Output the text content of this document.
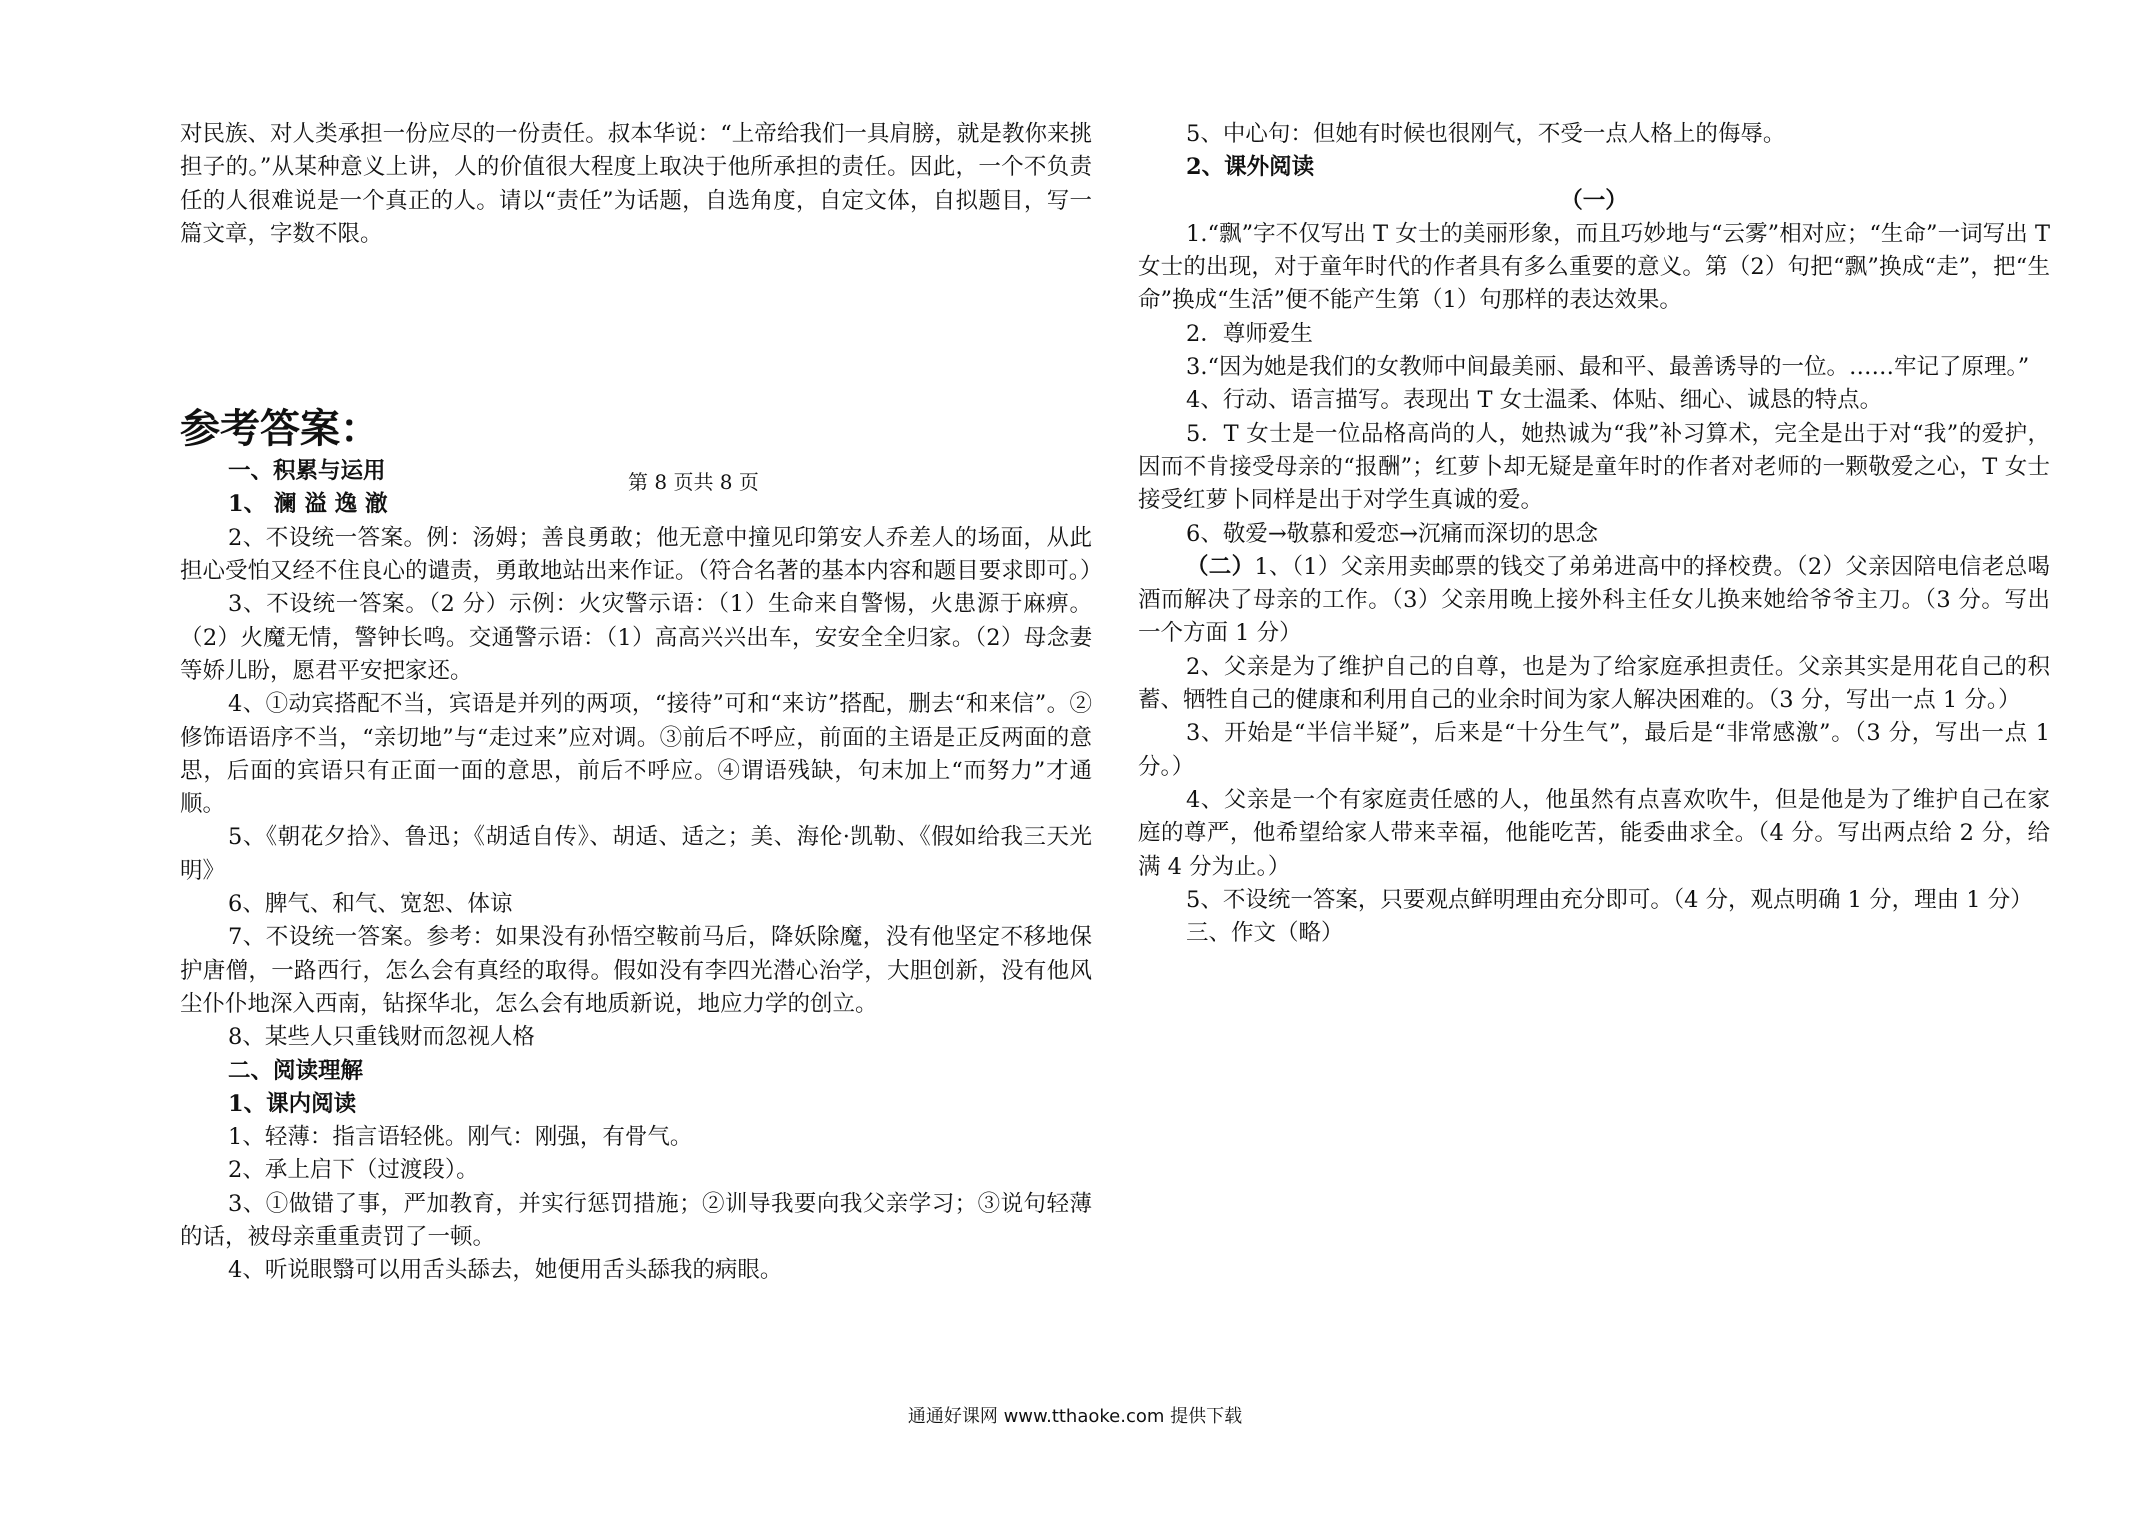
对民族、对人类承担一份应尽的一份责任。叔本华说：“上帝给我们一具肩膀，就是教你来挑担子的。”从某种意义上讲，人的价值很大程度上取决于他所承担的责任。因此，一个不负责任的人很难说是一个真正的人。请以“责任”为话题，自选角度，自定文体，自拟题目，写一篇文章，字数不限。

参考答案：

一、积累与运用

1、 澜 溢 逸 澈

2、不设统一答案。例：汤姆；善良勇敢；他无意中撞见印第安人乔差人的场面，从此担心受怕又经不住良心的谴责，勇敢地站出来作证。（符合名著的基本内容和题目要求即可。）

3、不设统一答案。（2 分）示例：火灾警示语：（1）生命来自警惕，火患源于麻痹。（2）火魔无情，警钟长鸣。交通警示语：（1）高高兴兴出车，安安全全归家。（2）母念妻等娇儿盼，愿君平安把家还。

4、①动宾搭配不当，宾语是并列的两项，“接待”可和“来访”搭配，删去“和来信”。②修饰语语序不当，“亲切地”与“走过来”应对调。③前后不呼应，前面的主语是正反两面的意思，后面的宾语只有正面一面的意思，前后不呼应。④谓语残缺，句末加上“而努力”才通顺。

5、《朝花夕拾》、鲁迅；《胡适自传》、胡适、适之；美、海伦·凯勒、《假如给我三天光明》

6、脾气、和气、宽恕、体谅

7、不设统一答案。参考：如果没有孙悟空鞍前马后，降妖除魔，没有他坚定不移地保护唐僧，一路西行，怎么会有真经的取得。假如没有李四光潜心治学，大胆创新，没有他风尘仆仆地深入西南，钻探华北，怎么会有地质新说，地应力学的创立。

8、某些人只重钱财而忽视人格

二、阅读理解

1、课内阅读

1、轻薄：指言语轻佻。刚气：刚强，有骨气。

2、承上启下（过渡段）。

3、①做错了事，严加教育，并实行惩罚措施；②训导我要向我父亲学习；③说句轻薄的话，被母亲重重责罚了一顿。

4、听说眼翳可以用舌头舔去，她便用舌头舔我的病眼。

第 8 页共 8 页

5、中心句：但她有时候也很刚气，不受一点人格上的侮辱。

2、课外阅读

（一）

1.“飘”字不仅写出 T 女士的美丽形象，而且巧妙地与“云雾”相对应；“生命”一词写出 T 女士的出现，对于童年时代的作者具有多么重要的意义。第（2）句把“飘”换成“走”，把“生命”换成“生活”便不能产生第（1）句那样的表达效果。

2．尊师爱生

3.“因为她是我们的女教师中间最美丽、最和平、最善诱导的一位。……牢记了原理。”

4、行动、语言描写。表现出 T 女士温柔、体贴、细心、诚恳的特点。

5．T 女士是一位品格高尚的人，她热诚为“我”补习算术，完全是出于对“我”的爱护，因而不肯接受母亲的“报酬”；红萝卜却无疑是童年时的作者对老师的一颗敬爱之心，T 女士接受红萝卜同样是出于对学生真诚的爱。

6、敬爱→敬慕和爱恋→沉痛而深切的思念

（二）1、（1）父亲用卖邮票的钱交了弟弟进高中的择校费。（2）父亲因陪电信老总喝酒而解决了母亲的工作。（3）父亲用晚上接外科主任女儿换来她给爷爷主刀。（3 分。写出一个方面 1 分）

2、父亲是为了维护自己的自尊，也是为了给家庭承担责任。父亲其实是用花自己的积蓄、牺牲自己的健康和利用自己的业余时间为家人解决困难的。（3 分，写出一点 1 分。）

3、开始是“半信半疑”，后来是“十分生气”，最后是“非常感激”。（3 分，写出一点 1 分。）

4、父亲是一个有家庭责任感的人，他虽然有点喜欢吹牛，但是他是为了维护自己在家庭的尊严，他希望给家人带来幸福，他能吃苦，能委曲求全。（4 分。写出两点给 2 分，给满 4 分为止。）

5、不设统一答案，只要观点鲜明理由充分即可。（4 分，观点明确 1 分，理由 1 分）

三、作文（略）

通通好课网 www.tthaoke.com 提供下载
